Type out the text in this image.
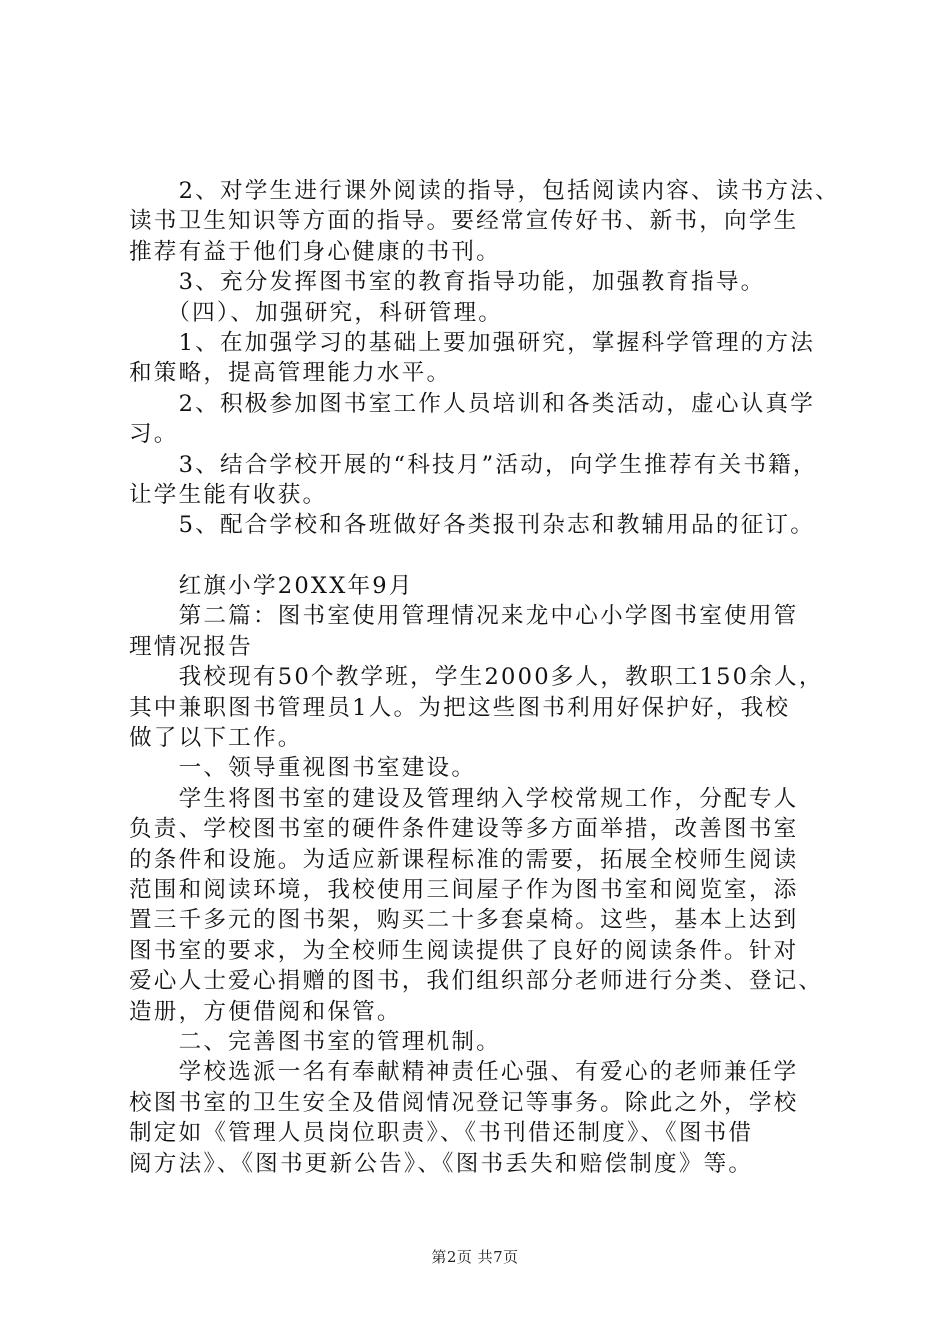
　　2、对学生进行课外阅读的指导，包括阅读内容、读书方法、
读书卫生知识等方面的指导。要经常宣传好书、新书，向学生
推荐有益于他们身心健康的书刊。
　　3、充分发挥图书室的教育指导功能，加强教育指导。
　　（四）、加强研究，科研管理。
　　1、在加强学习的基础上要加强研究，掌握科学管理的方法
和策略，提高管理能力水平。
　　2、积极参加图书室工作人员培训和各类活动，虚心认真学
习。
　　3、结合学校开展的“科技月”活动，向学生推荐有关书籍，
让学生能有收获。
　　5、配合学校和各班做好各类报刊杂志和教辅用品的征订。
　　红旗小学20XX年9月
　　第二篇：图书室使用管理情况来龙中心小学图书室使用管
理情况报告
　　我校现有50个教学班，学生2000多人，教职工150余人，
其中兼职图书管理员1人。为把这些图书利用好保护好，我校
做了以下工作。
　　一、领导重视图书室建设。
　　学生将图书室的建设及管理纳入学校常规工作，分配专人
负责、学校图书室的硬件条件建设等多方面举措，改善图书室
的条件和设施。为适应新课程标准的需要，拓展全校师生阅读
范围和阅读环境，我校使用三间屋子作为图书室和阅览室，添
置三千多元的图书架，购买二十多套桌椅。这些，基本上达到
图书室的要求，为全校师生阅读提供了良好的阅读条件。针对
爱心人士爱心捐赠的图书，我们组织部分老师进行分类、登记、
造册，方便借阅和保管。
　　二、完善图书室的管理机制。
　　学校选派一名有奉献精神责任心强、有爱心的老师兼任学
校图书室的卫生安全及借阅情况登记等事务。除此之外，学校
制定如《管理人员岗位职责》、《书刊借还制度》、《图书借
阅方法》、《图书更新公告》、《图书丢失和赔偿制度》等。
第2页 共7页
